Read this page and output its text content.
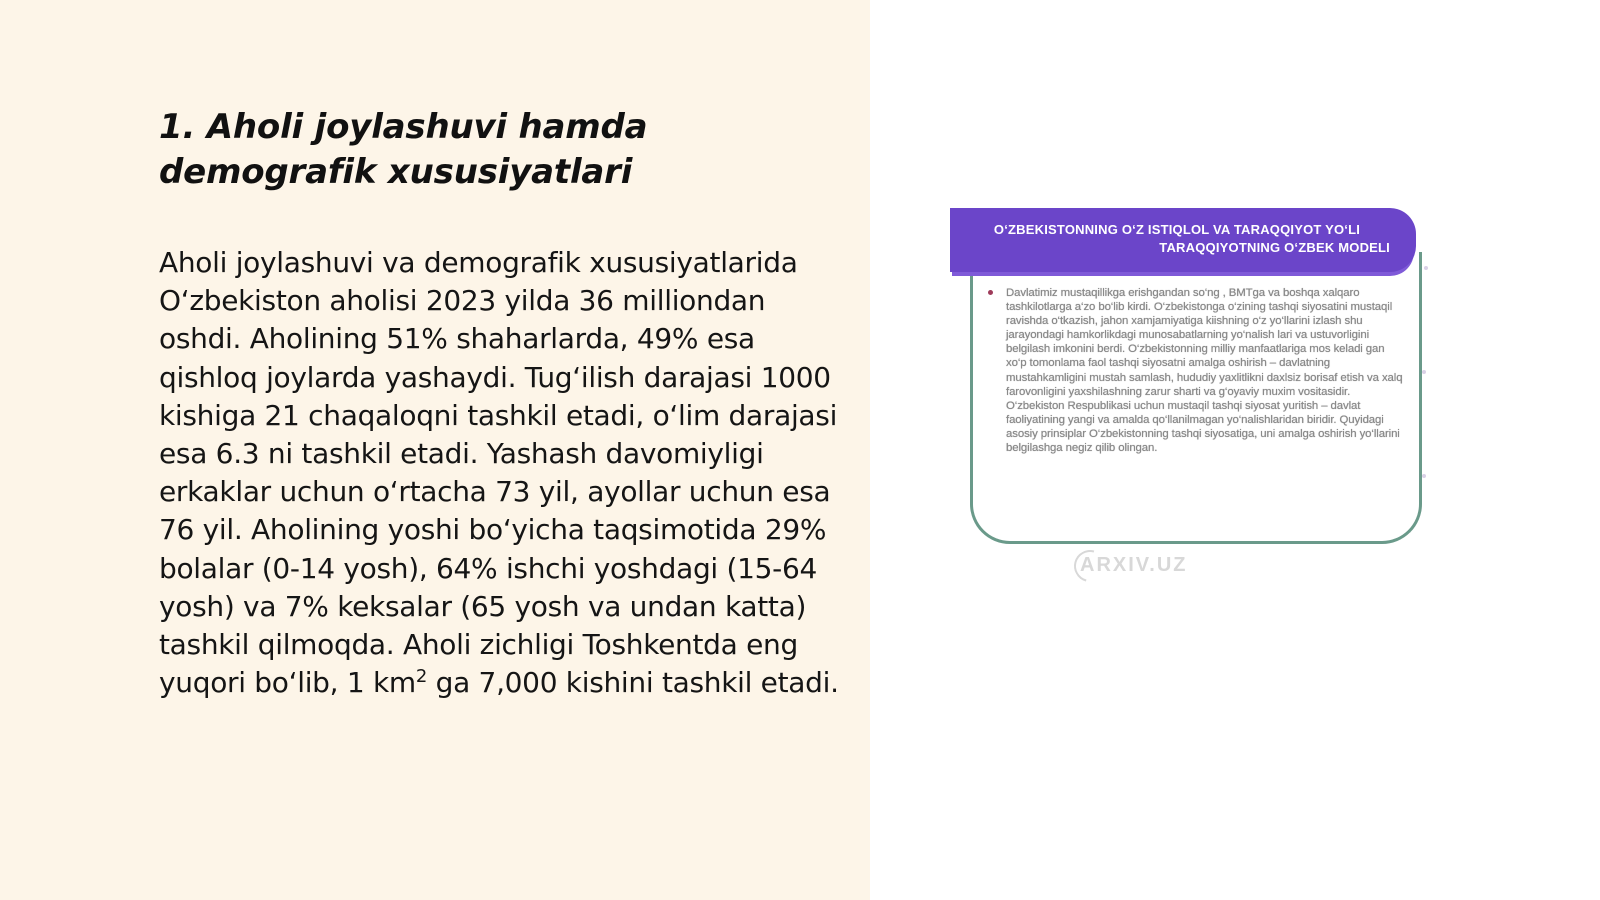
1. Aholi joylashuvi hamda demografik xususiyatlari

Aholi joylashuvi va demografik xususiyatlarida O‘zbekiston aholisi 2023 yilda 36 milliondan oshdi. Aholining 51% shaharlarda, 49% esa qishloq joylarda yashaydi. Tug‘ilish darajasi 1000 kishiga 21 chaqaloqni tashkil etadi, o‘lim darajasi esa 6.3 ni tashkil etadi. Yashash davomiyligi erkaklar uchun o‘rtacha 73 yil, ayollar uchun esa 76 yil. Aholining yoshi bo‘yicha taqsimotida 29% bolalar (0-14 yosh), 64% ishchi yoshdagi (15-64 yosh) va 7% keksalar (65 yosh va undan katta) tashkil qilmoqda. Aholi zichligi Toshkentda eng yuqori bo‘lib, 1 $km^2$ ga 7,000 kishini tashkil etadi.

O‘ZBEKISTONNING O‘Z ISTIQLOL VA TARAQQIYOT YO‘LI
TARAQQIYOTNING O‘ZBEK MODELI

Davlatimiz mustaqillikga erishgandan so‘ng , BMTga va boshqa xalqaro tashkilotlarga a‘zo bo‘lib kirdi. O‘zbekistonga o‘zining tashqi siyosatini mustaqil ravishda o‘tkazish, jahon xamjamiyatiga kiishning o‘z yo‘llarini izlash shu jarayondagi hamkorlikdagi munosabatlarning yo‘nalish lari va ustuvorligini belgilash imkonini berdi. O‘zbekistonning milliy manfaatlariga mos keladi gan xo‘p tomonlama faol tashqi siyosatni amalga oshirish – davlatning mustahkamligini mustah samlash, hududiy yaxlitlikni daxlsiz borisaf etish va xalq farovonligini yaxshilashning zarur sharti va g‘oyaviy muxim vositasidir. O‘zbekiston Respublikasi uchun mustaqil tashqi siyosat yuritish – davlat faoliyatining yangi va amalda qo‘llanilmagan yo‘nalishlaridan biridir. Quyidagi asosiy prinsiplar O‘zbekistonning tashqi siyosatiga, uni amalga oshirish yo‘llarini belgilashga negiz qilib olingan.

ARXIV.UZ
